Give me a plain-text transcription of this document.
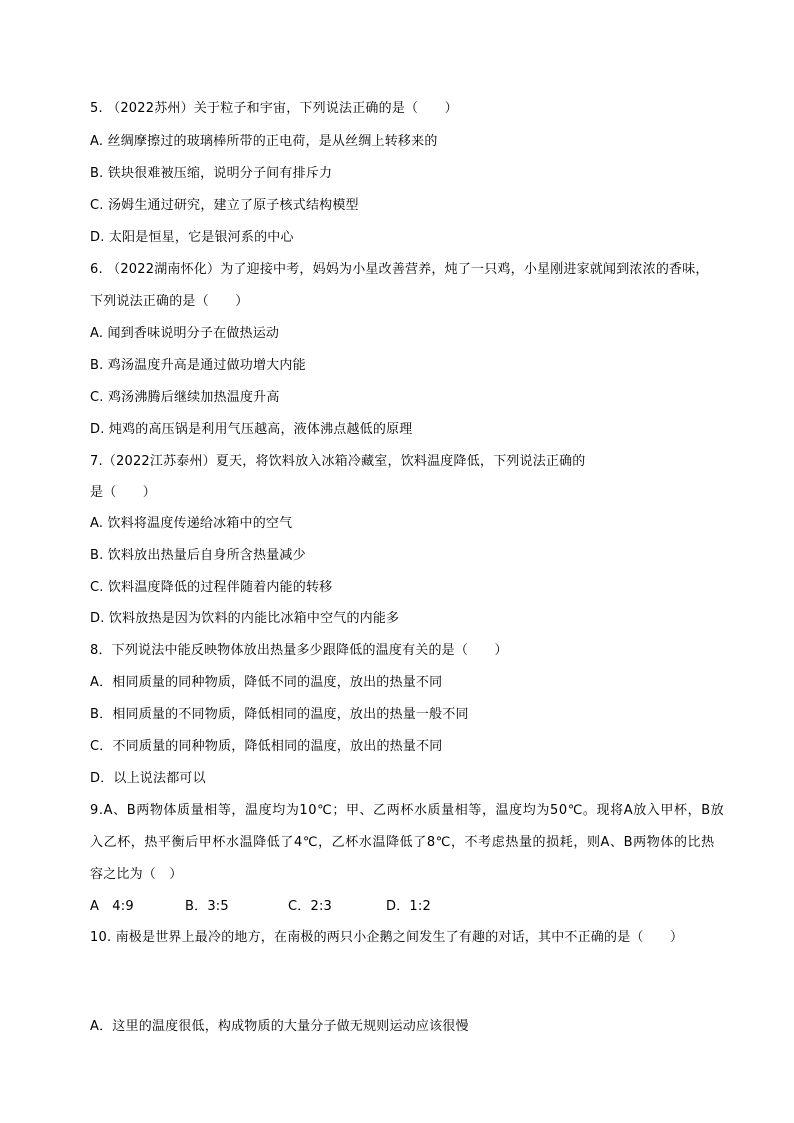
5. （2022苏州）关于粒子和宇宙，下列说法正确的是（　　）
A. 丝绸摩擦过的玻璃棒所带的正电荷，是从丝绸上转移来的
B. 铁块很难被压缩，说明分子间有排斥力
C. 汤姆生通过研究，建立了原子核式结构模型
D. 太阳是恒星，它是银河系的中心
6. （2022湖南怀化）为了迎接中考，妈妈为小星改善营养，炖了一只鸡，小星刚进家就闻到浓浓的香味，
下列说法正确的是（　　）
A. 闻到香味说明分子在做热运动
B. 鸡汤温度升高是通过做功增大内能
C. 鸡汤沸腾后继续加热温度升高
D. 炖鸡的高压锅是利用气压越高，液体沸点越低的原理
7.（2022江苏泰州）夏天，将饮料放入冰箱冷藏室，饮料温度降低，下列说法正确的
是（　　）
A. 饮料将温度传递给冰箱中的空气
B. 饮料放出热量后自身所含热量减少
C. 饮料温度降低的过程伴随着内能的转移
D. 饮料放热是因为饮料的内能比冰箱中空气的内能多
8．下列说法中能反映物体放出热量多少跟降低的温度有关的是（　　）
A．相同质量的同种物质，降低不同的温度，放出的热量不同
B．相同质量的不同物质，降低相同的温度，放出的热量一般不同
C．不同质量的同种物质，降低相同的温度，放出的热量不同
D．以上说法都可以
9.A、B两物体质量相等，温度均为10℃；甲、乙两杯水质量相等，温度均为50℃。现将A放入甲杯，B放
入乙杯，热平衡后甲杯水温降低了4℃，乙杯水温降低了8℃，不考虑热量的损耗，则A、B两物体的比热
容之比为（　）
A　4:9	B．3:5	C．2:3	D．1:2
10. 南极是世界上最冷的地方，在南极的两只小企鹅之间发生了有趣的对话，其中不正确的是（　　）
A．这里的温度很低，构成物质的大量分子做无规则运动应该很慢
